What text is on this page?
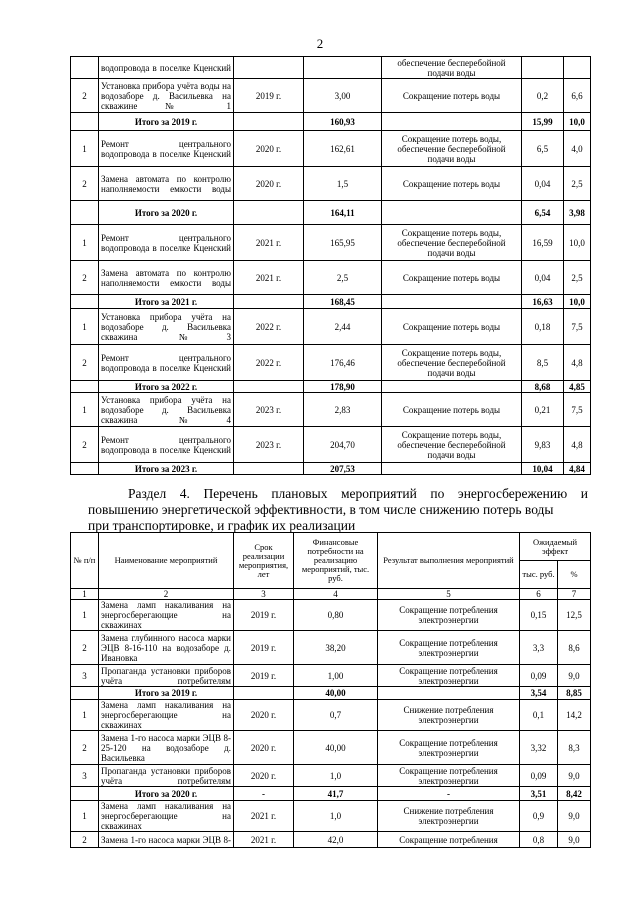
2
	водопровода в поселке Кценский			обеспечение бесперебойной подачи воды		
2	Установка прибора учёта воды на водозаборе д. Васильевка на скважине № 1	2019 г.	3,00	Сокращение потерь воды	0,2	6,6
	Итого за 2019 г.		160,93		15,99	10,0
1	Ремонт центрального водопровода в поселке Кценский	2020 г.	162,61	Сокращение потерь воды, обеспечение бесперебойной подачи воды	6,5	4,0
2	Замена автомата по контролю наполняемости емкости воды	2020 г.	1,5	Сокращение потерь воды	0,04	2,5
	Итого за 2020 г.		164,11		6,54	3,98
1	Ремонт центрального водопровода в поселке Кценский	2021 г.	165,95	Сокращение потерь воды, обеспечение бесперебойной подачи воды	16,59	10,0
2	Замена автомата по контролю наполняемости емкости воды	2021 г.	2,5	Сокращение потерь воды	0,04	2,5
	Итого за 2021 г.		168,45		16,63	10,0
1	Установка прибора учёта на водозаборе д. Васильевка скважина №3	2022 г.	2,44	Сокращение потерь воды	0,18	7,5
2	Ремонт центрального водопровода в поселке Кценский	2022 г.	176,46	Сокращение потерь воды, обеспечение бесперебойной подачи воды	8,5	4,8
	Итого за 2022 г.		178,90		8,68	4,85
1	Установка прибора учёта на водозаборе д. Васильевка скважина №4	2023 г.	2,83	Сокращение потерь воды	0,21	7,5
2	Ремонт центрального водопровода в поселке Кценский	2023 г.	204,70	Сокращение потерь воды, обеспечение бесперебойной подачи воды	9,83	4,8
	Итого за 2023 г.		207,53		10,04	4,84
Раздел 4. Перечень плановых мероприятий по энергосбережению и
повышению энергетической эффективности, в том числе снижению потерь воды
при транспортировке, и график их реализации
№ п/п	Наименование мероприятий	Срок реализации мероприятия, лет	Финансовые потребности на реализацию мероприятий, тыс. руб.	Результат выполнения мероприятий	Ожидаемый эффект	
					тыс. руб.	%
1	2	3	4	5	6	7
1	Замена ламп накаливания на энергосберегающие на скважинах	2019 г.	0,80	Сокращение потребления электроэнергии	0,15	12,5
2	Замена глубинного насоса марки ЭЦВ 8-16-110 на водозаборе д. Ивановка	2019 г.	38,20	Сокращение потребления электроэнергии	3,3	8,6
3	Пропаганда установки приборов учёта потребителям	2019 г.	1,00	Сокращение потребления электроэнергии	0,09	9,0
	Итого за 2019 г.		40,00		3,54	8,85
1	Замена ламп накаливания на энергосберегающие на скважинах	2020 г.	0,7	Снижение потребления электроэнергии	0,1	14,2
2	Замена 1-го насоса марки ЭЦВ 8-25-120 на водозаборе д. Васильевка	2020 г.	40,00	Сокращение потребления электроэнергии	3,32	8,3
3	Пропаганда установки приборов учёта потребителям	2020 г.	1,0	Сокращение потребления электроэнергии	0,09	9,0
	Итого за 2020 г.	-	41,7	-	3,51	8,42
1	Замена ламп накаливания на энергосберегающие на скважинах	2021 г.	1,0	Снижение потребления электроэнергии	0,9	9,0
2	Замена 1-го насоса марки ЭЦВ 8-	2021 г.	42,0	Сокращение потребления	0,8	9,0
